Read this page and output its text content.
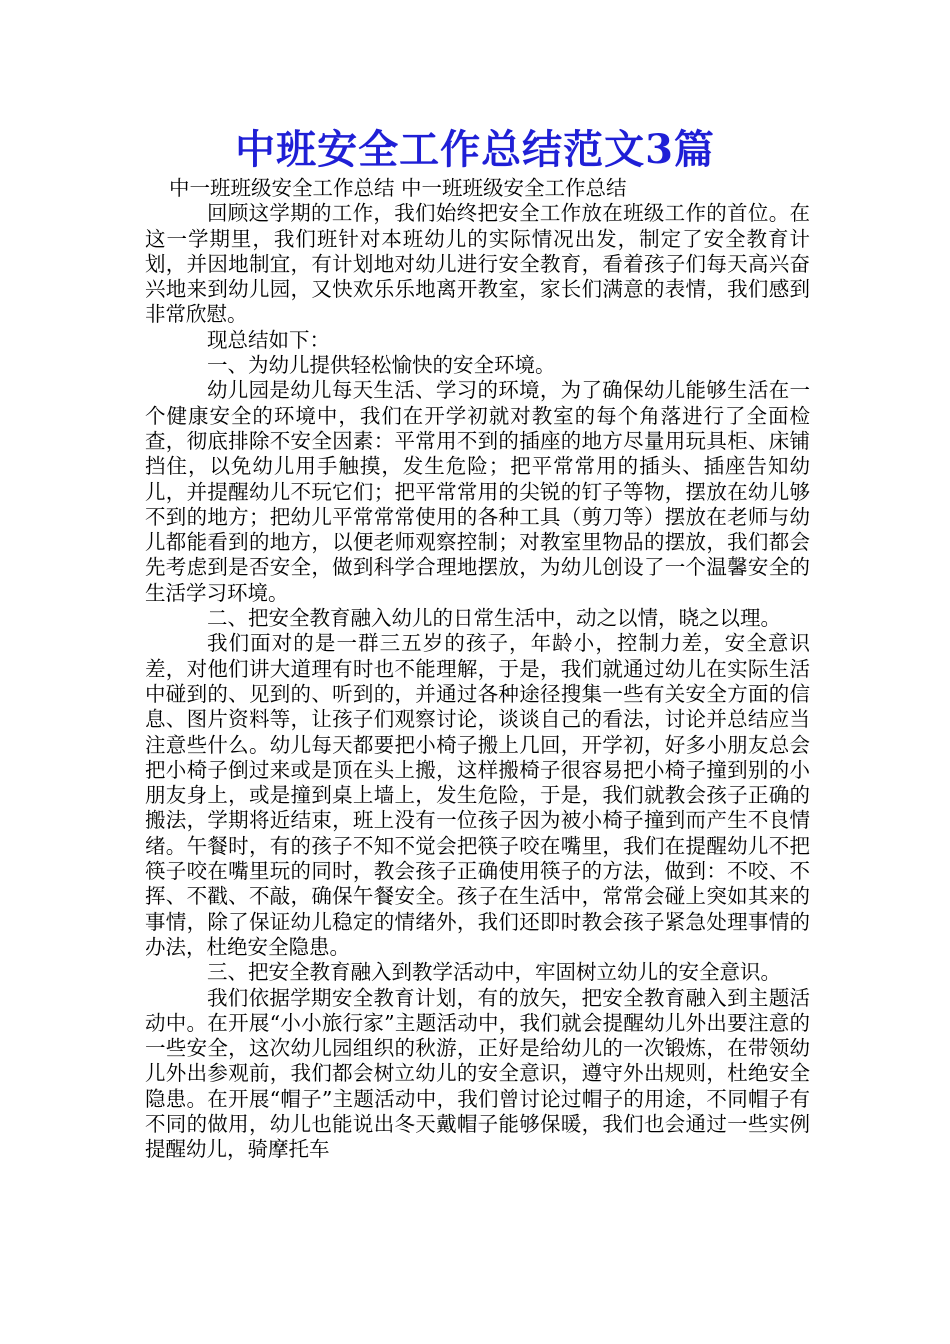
中班安全工作总结范文3篇

中一班班级安全工作总结 中一班班级安全工作总结

回顾这学期的工作，我们始终把安全工作放在班级工作的首位。在这一学期里，我们班针对本班幼儿的实际情况出发，制定了安全教育计划，并因地制宜，有计划地对幼儿进行安全教育，看着孩子们每天高兴奋兴地来到幼儿园，又快欢乐乐地离开教室，家长们满意的表情，我们感到非常欣慰。

现总结如下：

一、为幼儿提供轻松愉快的安全环境。

幼儿园是幼儿每天生活、学习的环境，为了确保幼儿能够生活在一个健康安全的环境中，我们在开学初就对教室的每个角落进行了全面检查，彻底排除不安全因素：平常用不到的插座的地方尽量用玩具柜、床铺挡住，以免幼儿用手触摸，发生危险；把平常常用的插头、插座告知幼儿，并提醒幼儿不玩它们；把平常常用的尖锐的钉子等物，摆放在幼儿够不到的地方；把幼儿平常常常使用的各种工具（剪刀等）摆放在老师与幼儿都能看到的地方，以便老师观察控制；对教室里物品的摆放，我们都会先考虑到是否安全，做到科学合理地摆放，为幼儿创设了一个温馨安全的生活学习环境。

二、把安全教育融入幼儿的日常生活中，动之以情，晓之以理。

我们面对的是一群三五岁的孩子，年龄小，控制力差，安全意识差，对他们讲大道理有时也不能理解，于是，我们就通过幼儿在实际生活中碰到的、见到的、听到的，并通过各种途径搜集一些有关安全方面的信息、图片资料等，让孩子们观察讨论，谈谈自己的看法，讨论并总结应当注意些什么。幼儿每天都要把小椅子搬上几回，开学初，好多小朋友总会把小椅子倒过来或是顶在头上搬，这样搬椅子很容易把小椅子撞到别的小朋友身上，或是撞到桌上墙上，发生危险，于是，我们就教会孩子正确的搬法，学期将近结束，班上没有一位孩子因为被小椅子撞到而产生不良情绪。午餐时，有的孩子不知不觉会把筷子咬在嘴里，我们在提醒幼儿不把筷子咬在嘴里玩的同时，教会孩子正确使用筷子的方法，做到：不咬、不挥、不戳、不敲，确保午餐安全。孩子在生活中，常常会碰上突如其来的事情，除了保证幼儿稳定的情绪外，我们还即时教会孩子紧急处理事情的办法，杜绝安全隐患。

三、把安全教育融入到教学活动中，牢固树立幼儿的安全意识。

我们依据学期安全教育计划，有的放矢，把安全教育融入到主题活动中。在开展“小小旅行家”主题活动中，我们就会提醒幼儿外出要注意的一些安全，这次幼儿园组织的秋游，正好是给幼儿的一次锻炼，在带领幼儿外出参观前，我们都会树立幼儿的安全意识，遵守外出规则，杜绝安全隐患。在开展“帽子”主题活动中，我们曾讨论过帽子的用途，不同帽子有不同的做用，幼儿也能说出冬天戴帽子能够保暖，我们也会通过一些实例提醒幼儿，骑摩托车
